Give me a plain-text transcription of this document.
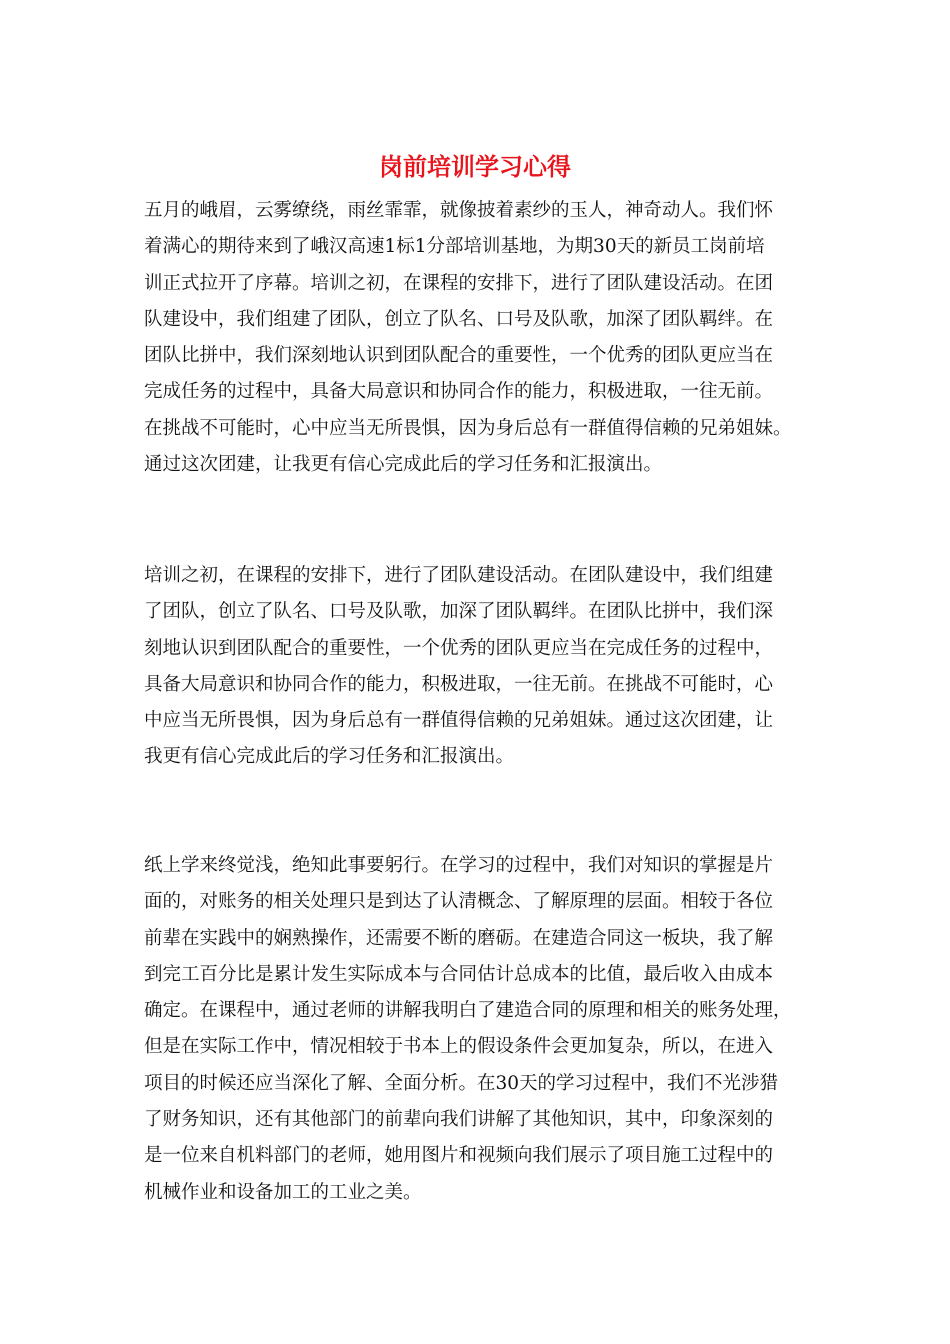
岗前培训学习心得

五月的峨眉，云雾缭绕，雨丝霏霏，就像披着素纱的玉人，神奇动人。我们怀
着满心的期待来到了峨汉高速1标1分部培训基地，为期30天的新员工岗前培
训正式拉开了序幕。培训之初，在课程的安排下，进行了团队建设活动。在团
队建设中，我们组建了团队，创立了队名、口号及队歌，加深了团队羁绊。在
团队比拼中，我们深刻地认识到团队配合的重要性，一个优秀的团队更应当在
完成任务的过程中，具备大局意识和协同合作的能力，积极进取，一往无前。
在挑战不可能时，心中应当无所畏惧，因为身后总有一群值得信赖的兄弟姐妹。
通过这次团建，让我更有信心完成此后的学习任务和汇报演出。

培训之初，在课程的安排下，进行了团队建设活动。在团队建设中，我们组建
了团队，创立了队名、口号及队歌，加深了团队羁绊。在团队比拼中，我们深
刻地认识到团队配合的重要性，一个优秀的团队更应当在完成任务的过程中，
具备大局意识和协同合作的能力，积极进取，一往无前。在挑战不可能时，心
中应当无所畏惧，因为身后总有一群值得信赖的兄弟姐妹。通过这次团建，让
我更有信心完成此后的学习任务和汇报演出。

纸上学来终觉浅，绝知此事要躬行。在学习的过程中，我们对知识的掌握是片
面的，对账务的相关处理只是到达了认清概念、了解原理的层面。相较于各位
前辈在实践中的娴熟操作，还需要不断的磨砺。在建造合同这一板块，我了解
到完工百分比是累计发生实际成本与合同估计总成本的比值，最后收入由成本
确定。在课程中，通过老师的讲解我明白了建造合同的原理和相关的账务处理，
但是在实际工作中，情况相较于书本上的假设条件会更加复杂，所以，在进入
项目的时候还应当深化了解、全面分析。在30天的学习过程中，我们不光涉猎
了财务知识，还有其他部门的前辈向我们讲解了其他知识，其中，印象深刻的
是一位来自机料部门的老师，她用图片和视频向我们展示了项目施工过程中的
机械作业和设备加工的工业之美。
